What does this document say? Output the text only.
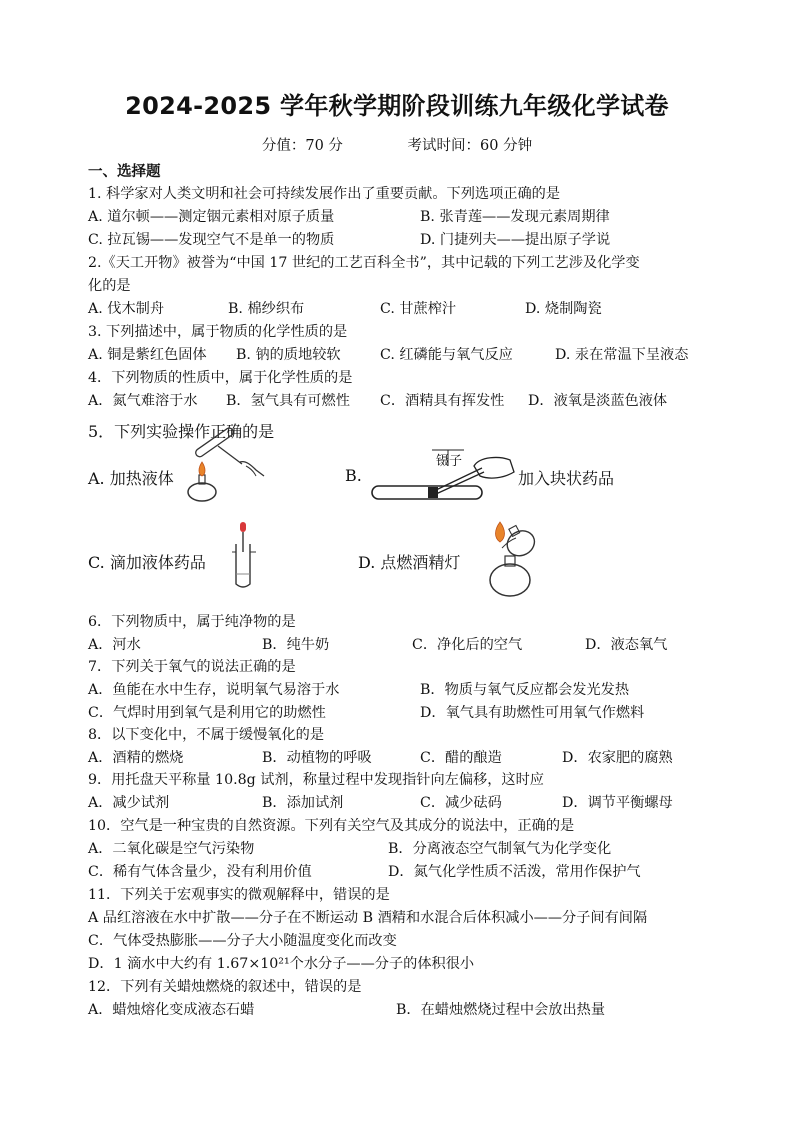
2024-2025 学年秋学期阶段训练九年级化学试卷
分值：70 分	考试时间：60 分钟
一、选择题
1. 科学家对人类文明和社会可持续发展作出了重要贡献。下列选项正确的是
A. 道尔顿——测定铟元素相对原子质量	B. 张青莲——发现元素周期律
C. 拉瓦锡——发现空气不是单一的物质	D. 门捷列夫——提出原子学说
2.《天工开物》被誉为“中国 17 世纪的工艺百科全书”，其中记载的下列工艺涉及化学变
化的是
A. 伐木制舟	B. 棉纱织布	C. 甘蔗榨汁	D. 烧制陶瓷
3. 下列描述中，属于物质的化学性质的是
A. 铜是紫红色固体 B. 钠的质地较软	C. 红磷能与氧气反应	D. 汞在常温下呈液态
4．下列物质的性质中，属于化学性质的是
A．氮气难溶于水 B．氢气具有可燃性 C．酒精具有挥发性 D．液氧是淡蓝色液体
5．下列实验操作正确的是
A. 加热液体	B.
镊子
加入块状药品
C. 滴加液体药品	D. 点燃酒精灯
6．下列物质中，属于纯净物的是
A．河水	B．纯牛奶	C．净化后的空气	D．液态氧气
7．下列关于氧气的说法正确的是
A．鱼能在水中生存，说明氧气易溶于水	B．物质与氧气反应都会发光发热
C．气焊时用到氧气是利用它的助燃性	D．氧气具有助燃性可用氧气作燃料
8．以下变化中，不属于缓慢氧化的是
A．酒精的燃烧	B．动植物的呼吸	C．醋的酿造	D．农家肥的腐熟
9．用托盘天平称量 10.8g 试剂，称量过程中发现指针向左偏移，这时应
A．减少试剂	B．添加试剂	C．减少砝码	D．调节平衡螺母
10．空气是一种宝贵的自然资源。下列有关空气及其成分的说法中，正确的是
A．二氧化碳是空气污染物	B．分离液态空气制氧气为化学变化
C．稀有气体含量少，没有利用价值	D．氮气化学性质不活泼，常用作保护气
11．下列关于宏观事实的微观解释中，错误的是
A 品红溶液在水中扩散——分子在不断运动 B 酒精和水混合后体积减小——分子间有间隔
C．气体受热膨胀——分子大小随温度变化而改变
D．1 滴水中大约有 1.67×10²¹个水分子——分子的体积很小
12．下列有关蜡烛燃烧的叙述中，错误的是
A．蜡烛熔化变成液态石蜡	B．在蜡烛燃烧过程中会放出热量
